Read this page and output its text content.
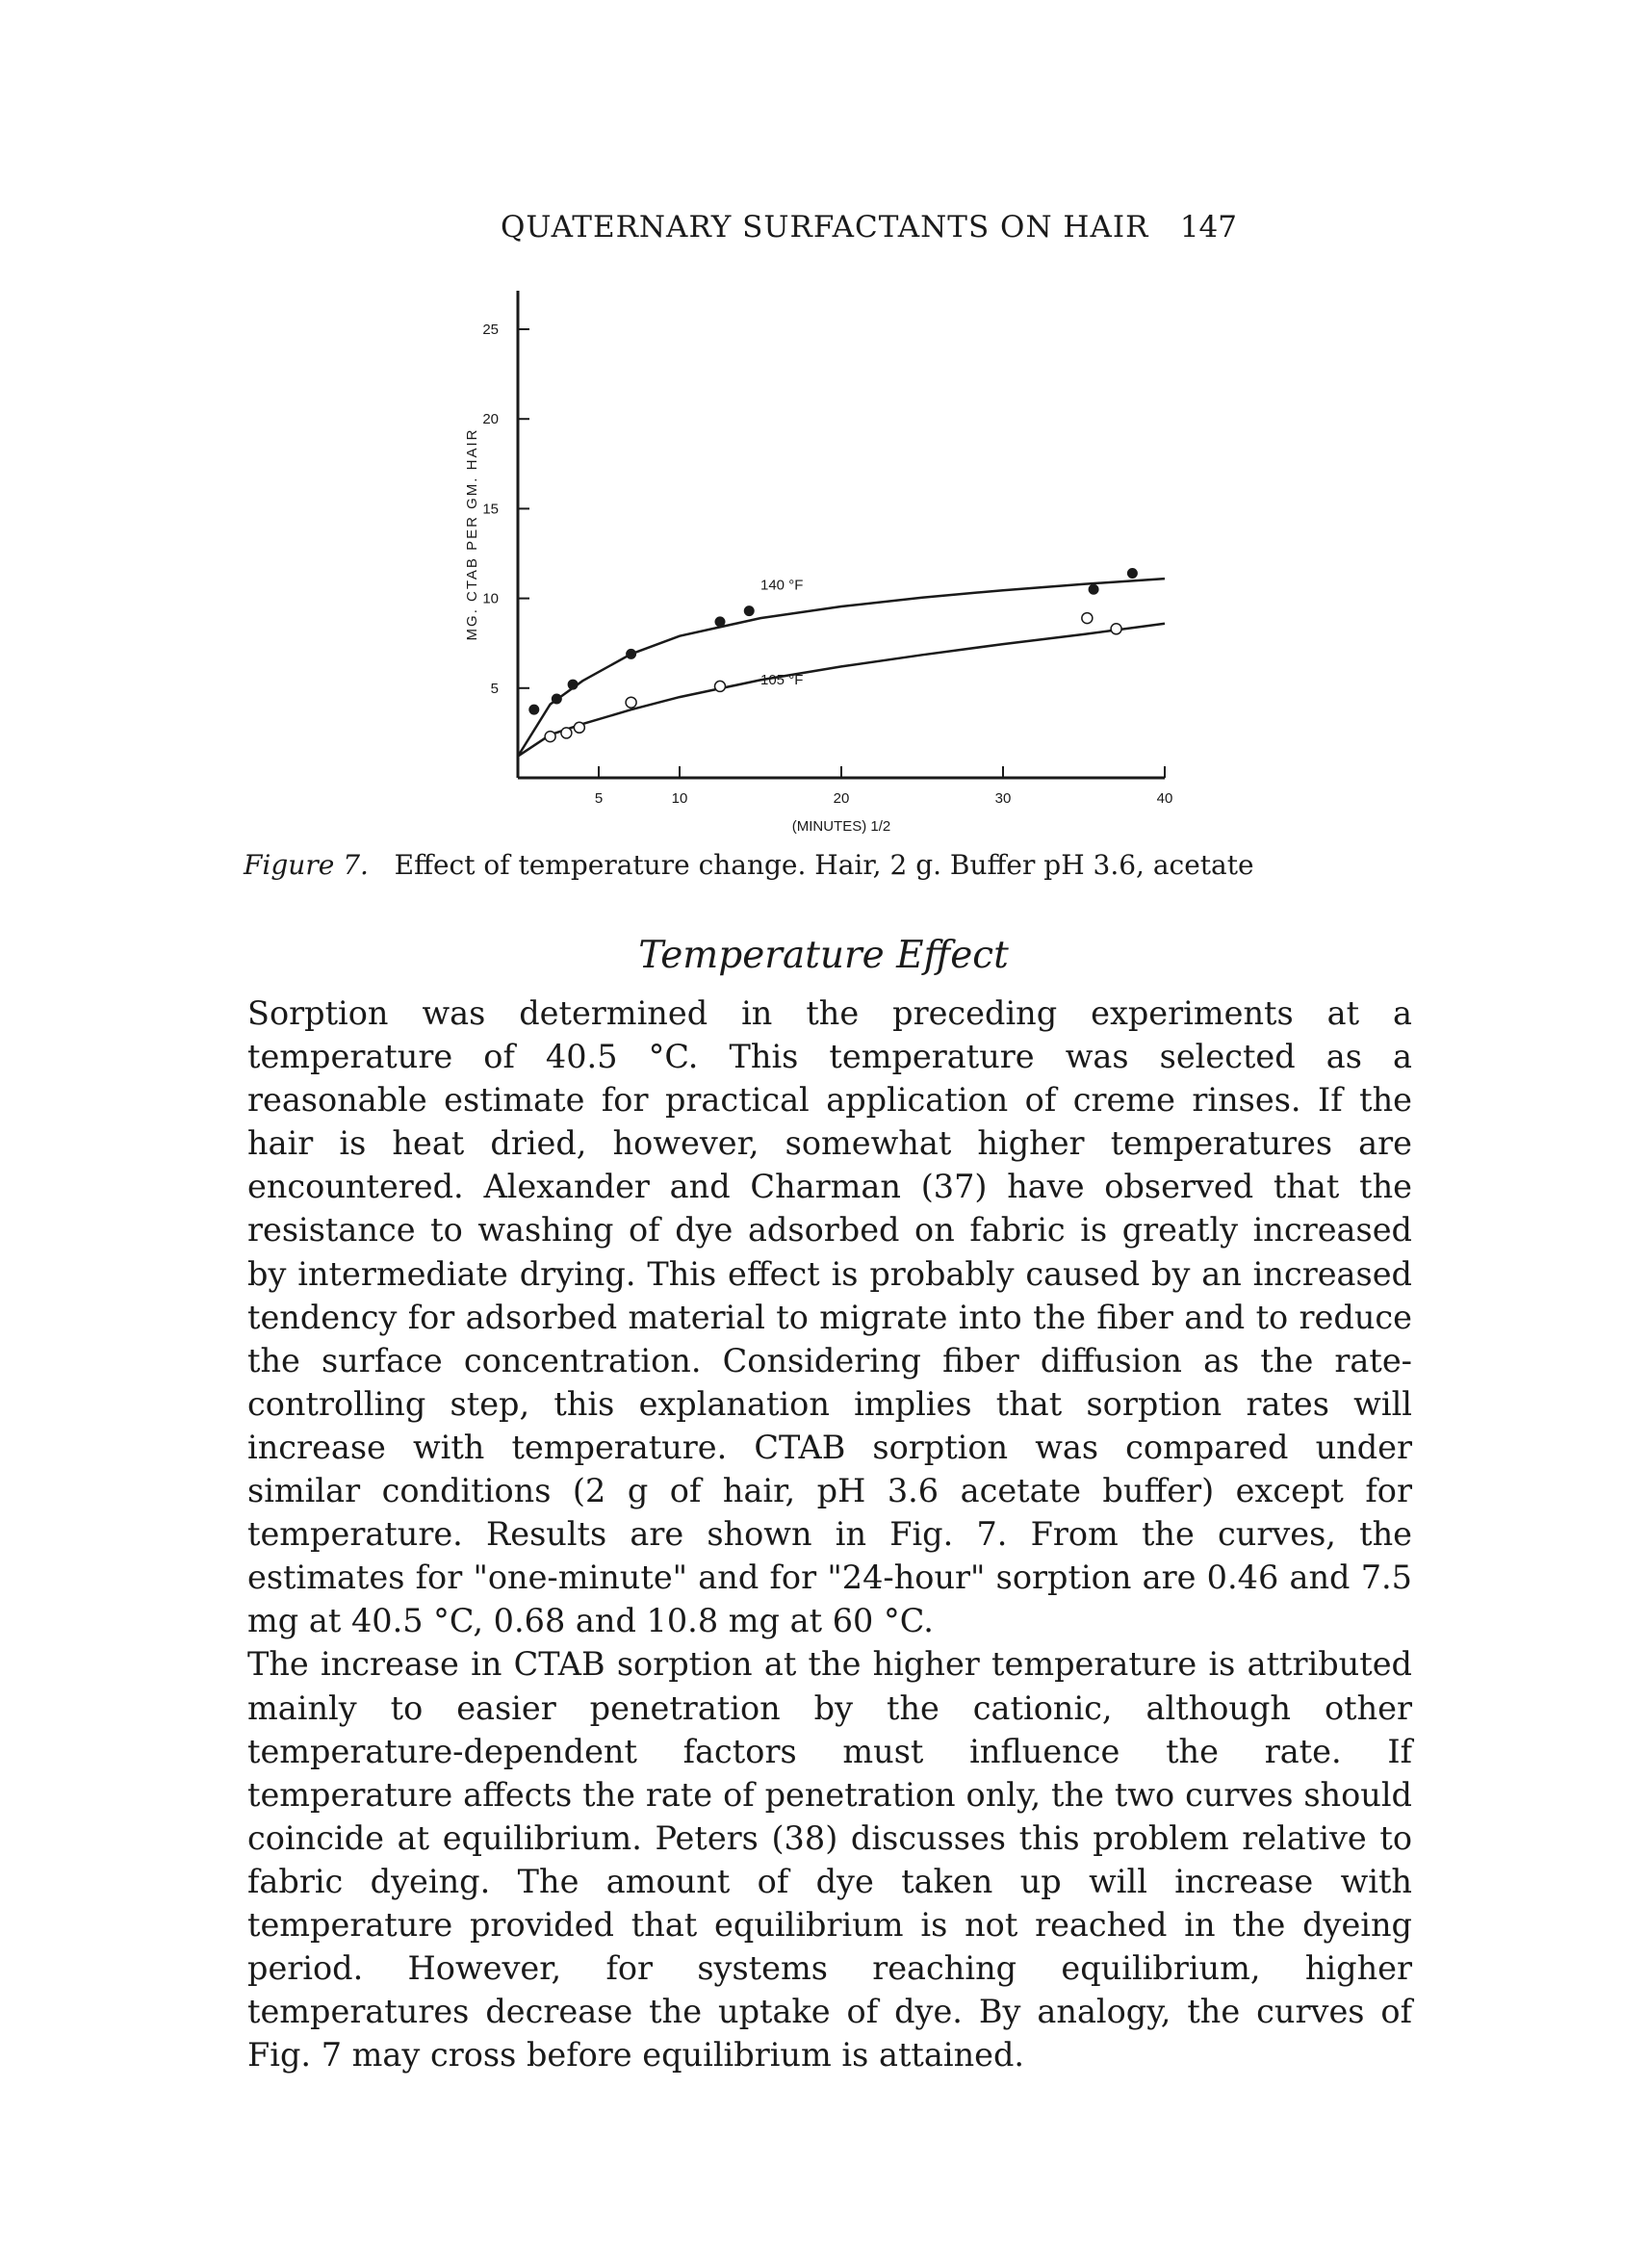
QUATERNARY SURFACTANTS ON HAIR 147
5
10
15
20
25
5	10	20	30	40
MG. CTAB PER GM. HAIR
(MINUTES) 1/2
140 °F
105 °F
Figure 7. Effect of temperature change. Hair, 2 g. Buffer pH 3.6, acetate
Temperature Effect

Sorption was determined in the preceding experiments at a temperature of 40.5 °C. This temperature was selected as a reasonable estimate for practical application of creme rinses. If the hair is heat dried, however, somewhat higher temperatures are encountered. Alexander and Charman (37) have observed that the resistance to washing of dye adsorbed on fabric is greatly increased by intermediate drying. This effect is probably caused by an increased tendency for adsorbed material to migrate into the fiber and to reduce the surface concentration. Considering fiber diffusion as the rate-controlling step, this explanation implies that sorption rates will increase with temperature. CTAB sorption was compared under similar conditions (2 g of hair, pH 3.6 acetate buffer) except for temperature. Results are shown in Fig. 7. From the curves, the estimates for "one-minute" and for "24-hour" sorption are 0.46 and 7.5 mg at 40.5 °C, 0.68 and 10.8 mg at 60 °C.

The increase in CTAB sorption at the higher temperature is attributed mainly to easier penetration by the cationic, although other temperature-dependent factors must influence the rate. If temperature affects the rate of penetration only, the two curves should coincide at equilibrium. Peters (38) discusses this problem relative to fabric dyeing. The amount of dye taken up will increase with temperature provided that equilibrium is not reached in the dyeing period. However, for systems reaching equilibrium, higher temperatures decrease the uptake of dye. By analogy, the curves of Fig. 7 may cross before equilibrium is attained.
